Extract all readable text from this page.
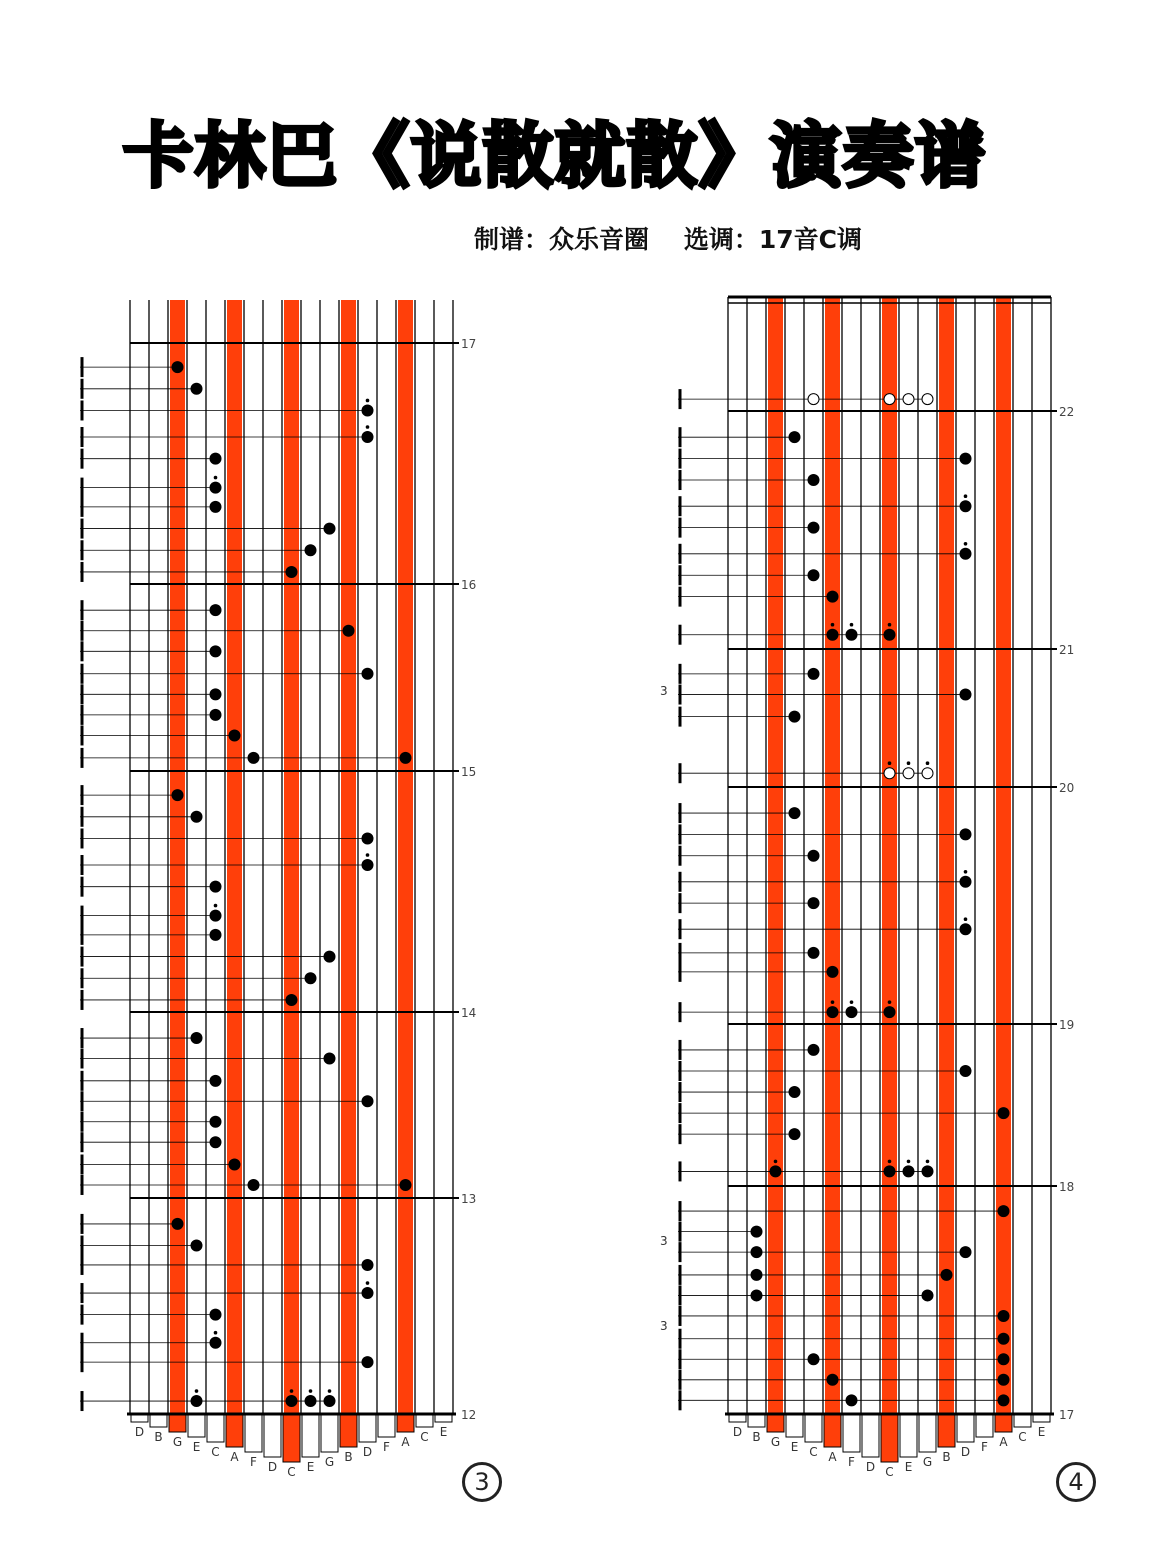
卡林巴《说散就散》演奏谱
制谱：众乐音圈    选调：17音C调
D B G E C A F D C E G B D F A C E
12
13
14
15
16
17
D B G E C A F D C E G B D F A C E
17
18
19
20
21
22
3
3
3
3	4
